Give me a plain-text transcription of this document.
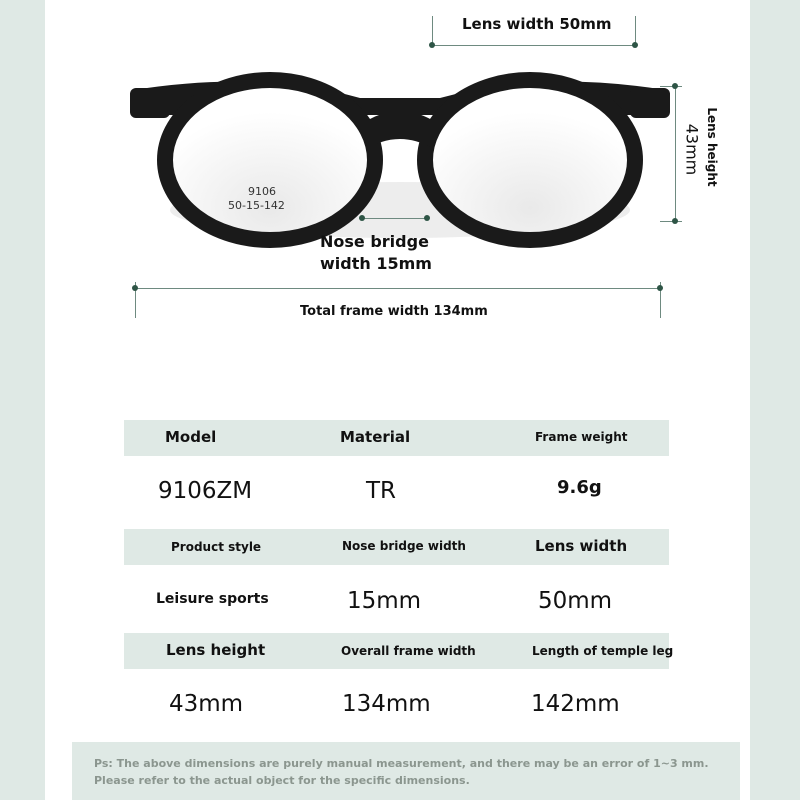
Lens width 50mm
9106
50-15-142
Lens height
43mm
Nose bridge
width 15mm
Total frame width 134mm
Model	Material	Frame weight
9106ZM	TR	9.6g
Product style	Nose bridge width	Lens width
Leisure sports	15mm	50mm
Lens height	Overall frame width	Length of temple leg
43mm	134mm	142mm
Ps: The above dimensions are purely manual measurement, and there may be an error of 1~3 mm. Please refer to the actual object for the specific dimensions.
